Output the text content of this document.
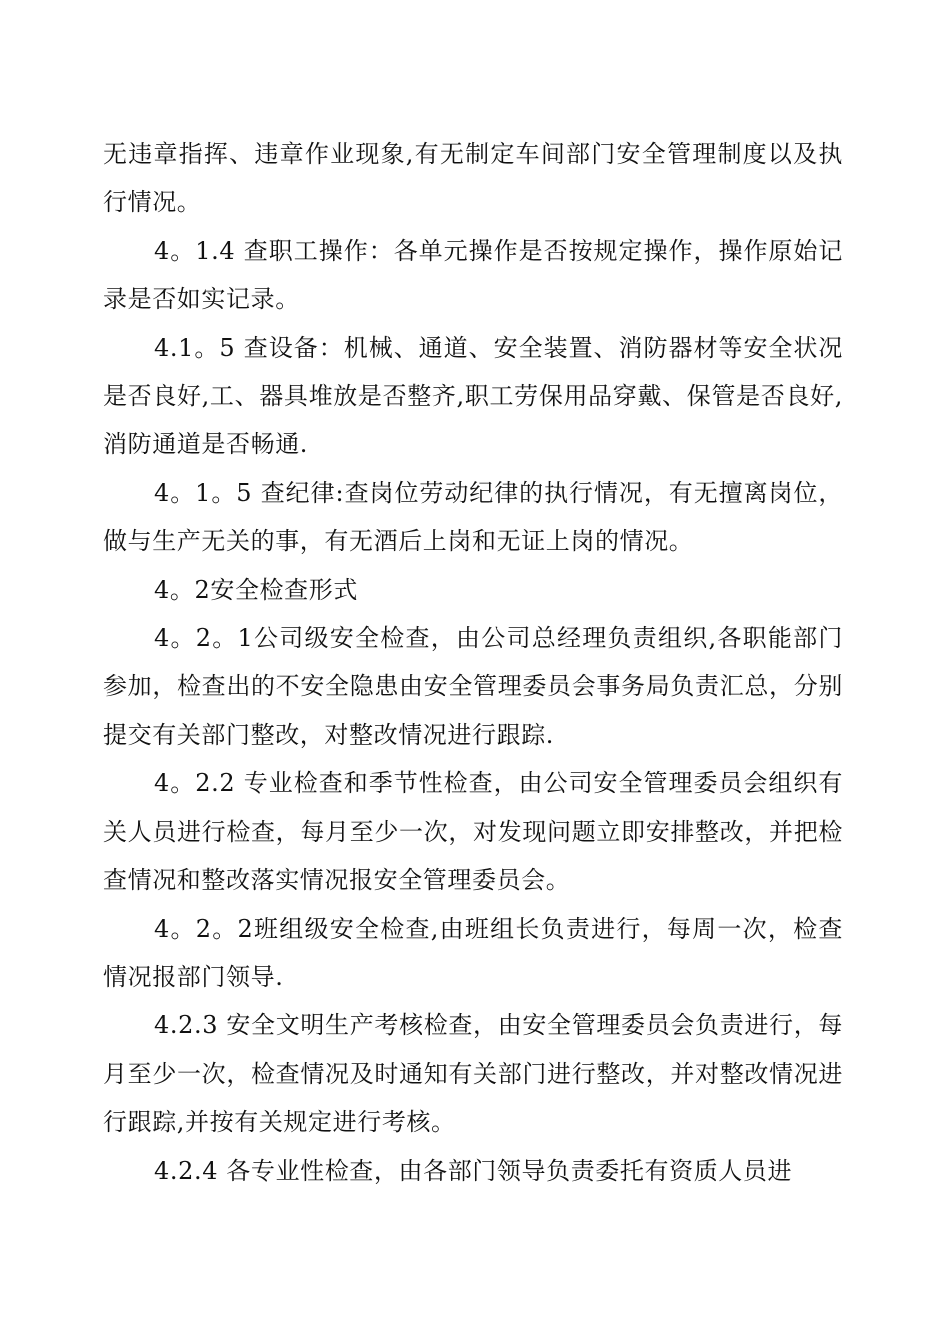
无违章指挥、违章作业现象,有无制定车间部门安全管理制度以及执行情况。

4。1.4 查职工操作：各单元操作是否按规定操作，操作原始记录是否如实记录。

4.1。5 查设备：机械、通道、安全装置、消防器材等安全状况是否良好,工、器具堆放是否整齐,职工劳保用品穿戴、保管是否良好,消防通道是否畅通.

4。1。5 查纪律:查岗位劳动纪律的执行情况，有无擅离岗位，做与生产无关的事，有无酒后上岗和无证上岗的情况。

4。2安全检查形式

4。2。1公司级安全检查，由公司总经理负责组织,各职能部门参加，检查出的不安全隐患由安全管理委员会事务局负责汇总，分别提交有关部门整改，对整改情况进行跟踪.

4。2.2 专业检查和季节性检查，由公司安全管理委员会组织有关人员进行检查，每月至少一次，对发现问题立即安排整改，并把检查情况和整改落实情况报安全管理委员会。

4。2。2班组级安全检查,由班组长负责进行，每周一次，检查情况报部门领导.

4.2.3 安全文明生产考核检查，由安全管理委员会负责进行，每月至少一次，检查情况及时通知有关部门进行整改，并对整改情况进行跟踪,并按有关规定进行考核。

4.2.4 各专业性检查，由各部门领导负责委托有资质人员进
